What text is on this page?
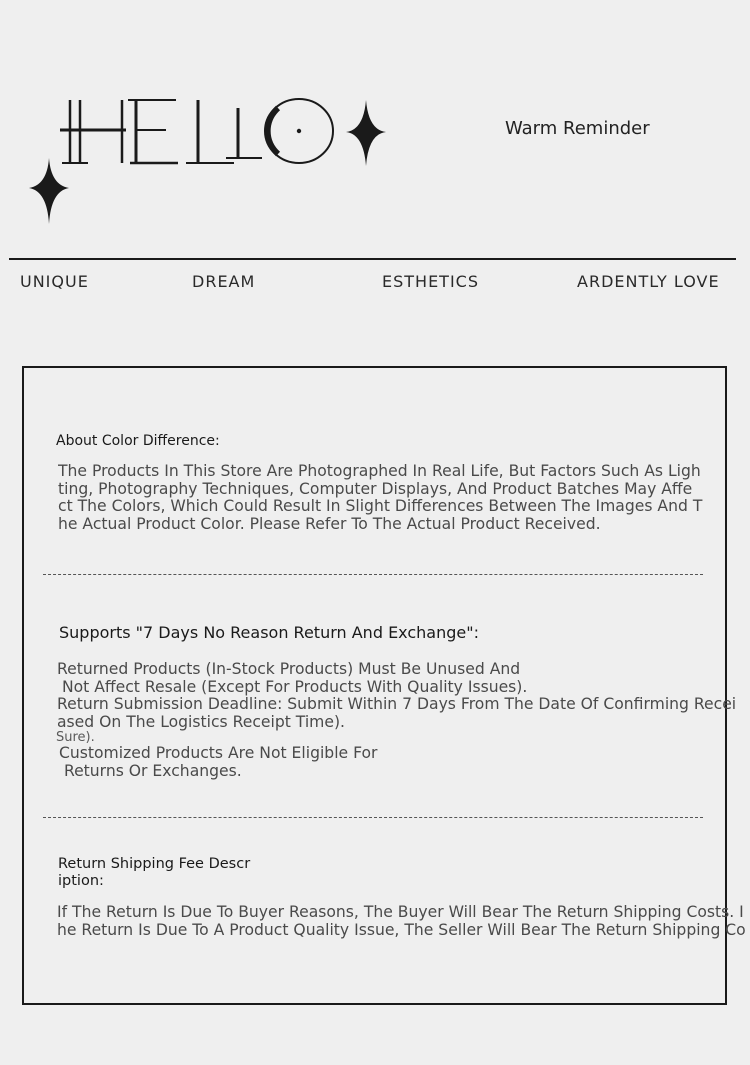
Warm Reminder
UNIQUE	DREAM	ESTHETICS	ARDENTLY LOVE
About Color Difference:
The Products In This Store Are Photographed In Real Life, But Factors Such As Ligh
ting, Photography Techniques, Computer Displays, And Product Batches May Affe
ct The Colors, Which Could Result In Slight Differences Between The Images And T
he Actual Product Color. Please Refer To The Actual Product Received.
Supports "7 Days No Reason Return And Exchange":
Returned Products (In-Stock Products) Must Be Unused And
Not Affect Resale (Except For Products With Quality Issues).
Return Submission Deadline: Submit Within 7 Days From The Date Of Confirming Recei
ased On The Logistics Receipt Time).
Sure).
Customized Products Are Not Eligible For
Returns Or Exchanges.
Return Shipping Fee Descr
iption:
If The Return Is Due To Buyer Reasons, The Buyer Will Bear The Return Shipping Costs. I
he Return Is Due To A Product Quality Issue, The Seller Will Bear The Return Shipping Co
